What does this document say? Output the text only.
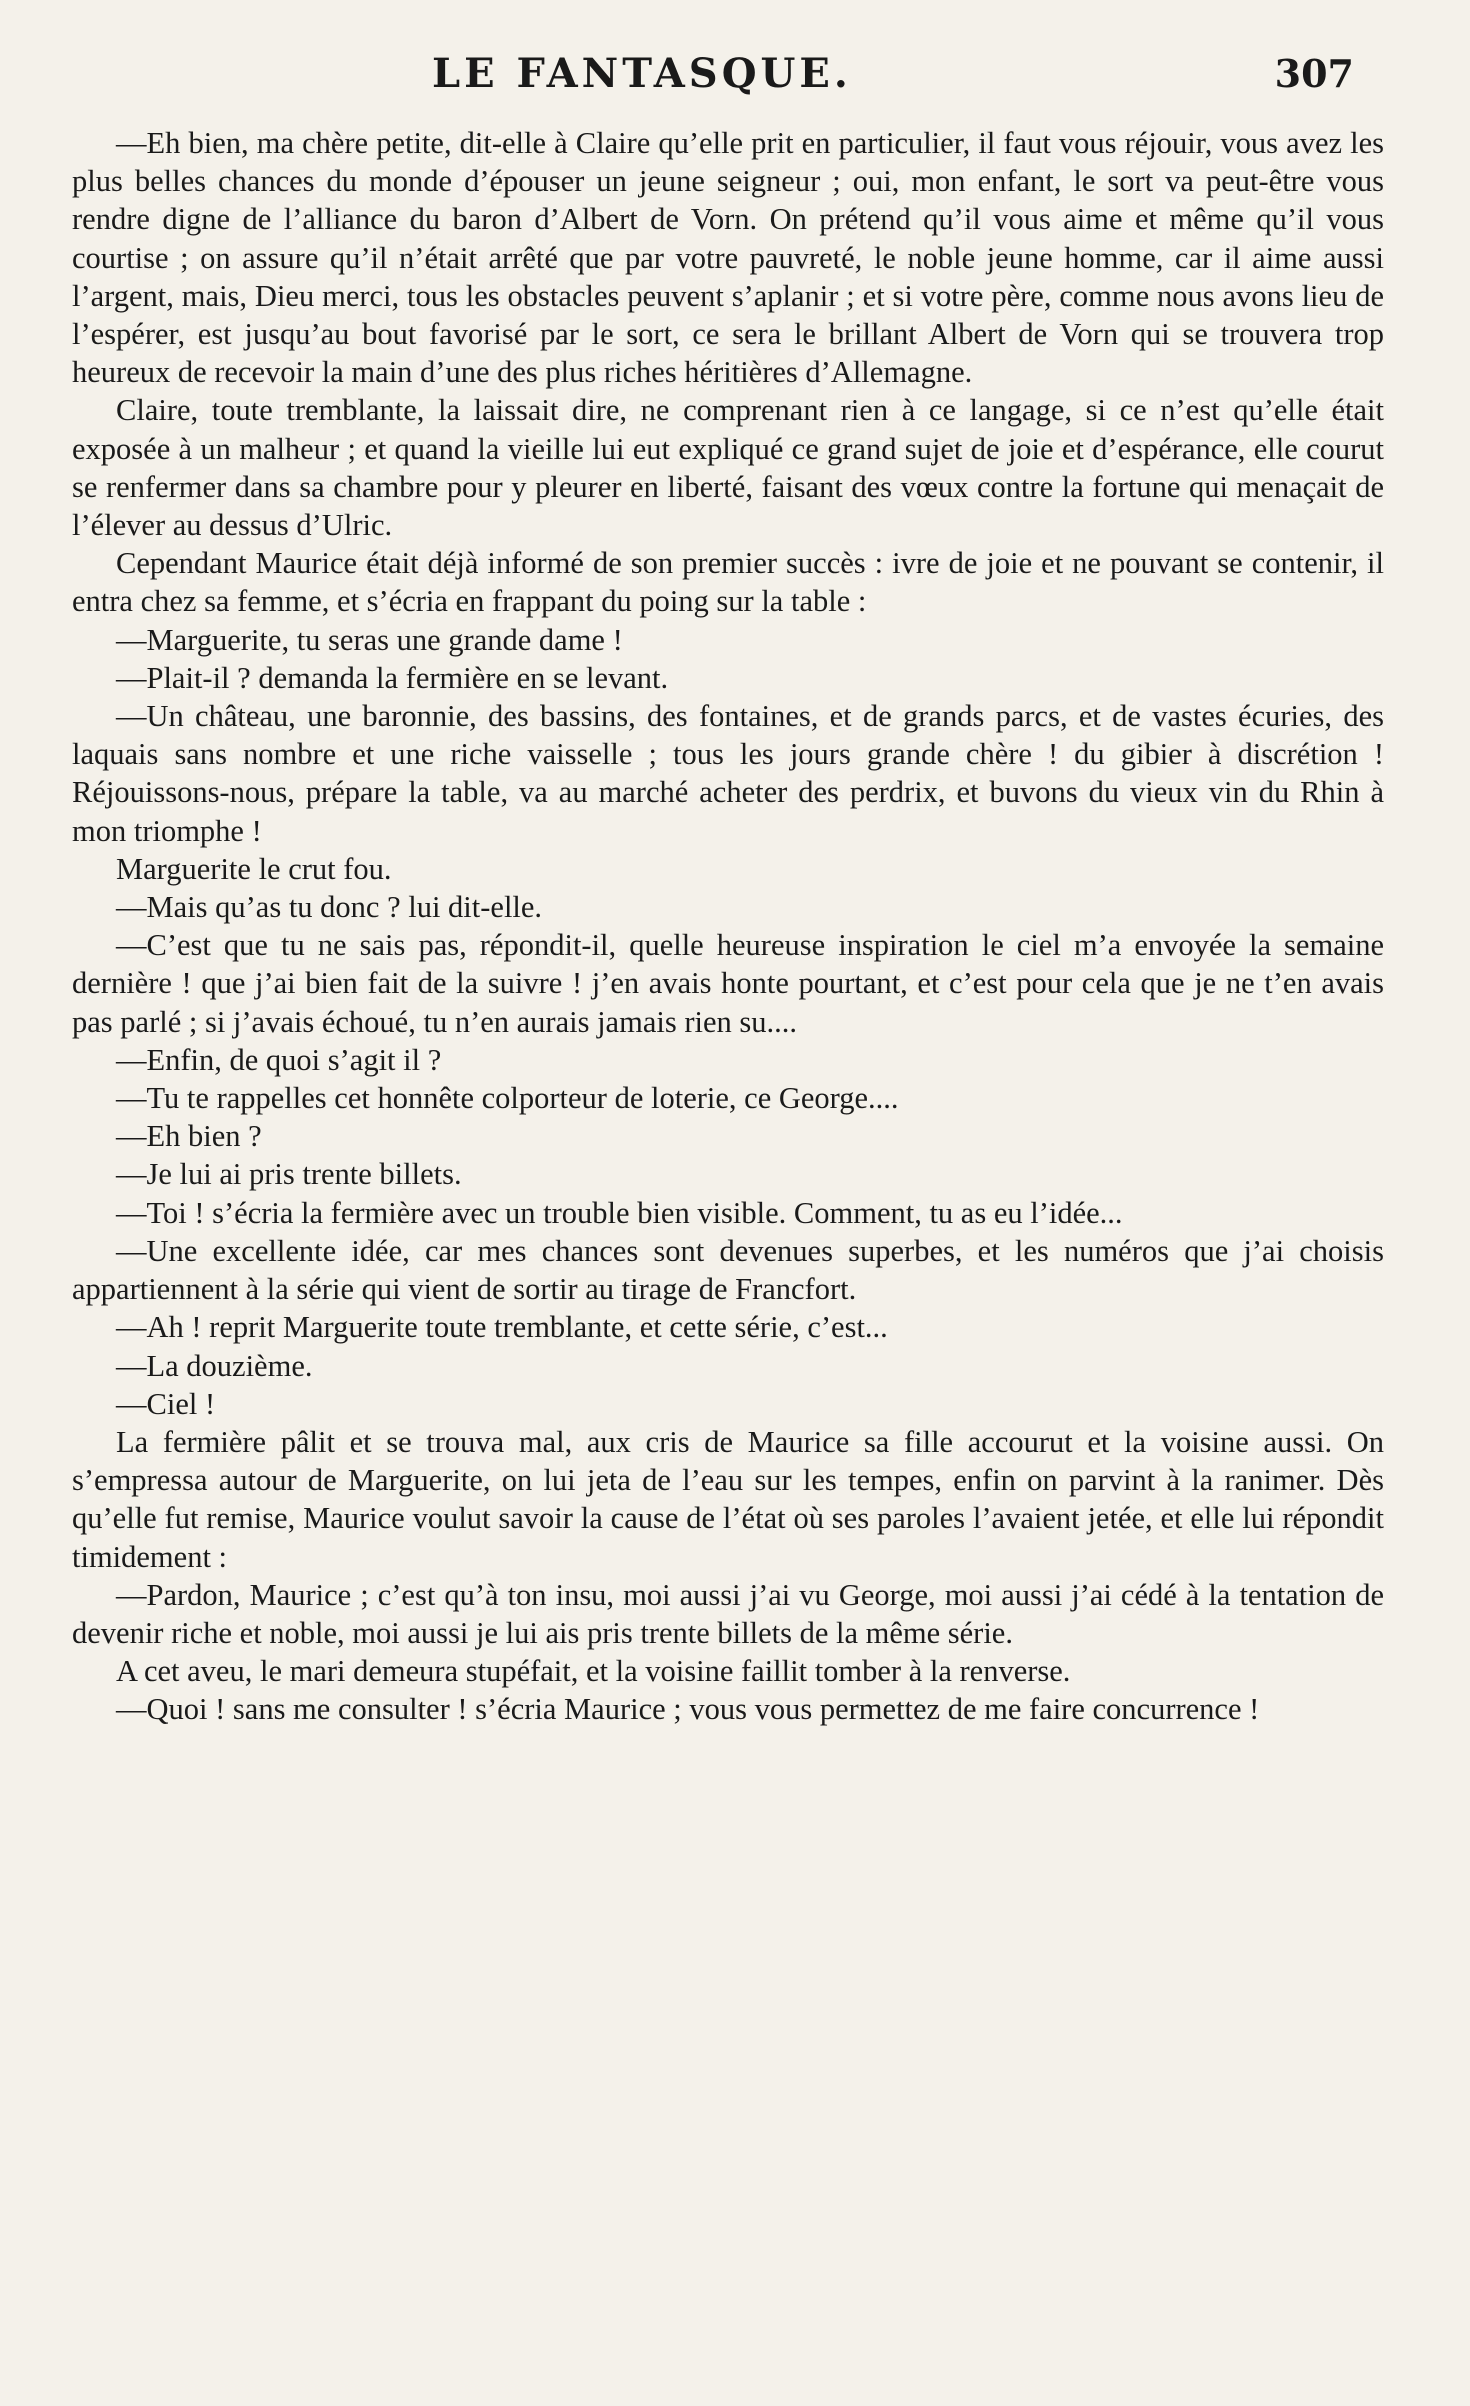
LE FANTASQUE.	307

—Eh bien, ma chère petite, dit-elle à Claire qu’elle prit en particulier, il faut vous réjouir, vous avez les plus belles chances du monde d’épouser un jeune seigneur ; oui, mon enfant, le sort va peut-être vous rendre digne de l’alliance du baron d’Albert de Vorn. On prétend qu’il vous aime et même qu’il vous courtise ; on assure qu’il n’était arrêté que par votre pauvreté, le noble jeune homme, car il aime aussi l’argent, mais, Dieu merci, tous les obstacles peuvent s’aplanir ; et si votre père, comme nous avons lieu de l’espérer, est jusqu’au bout favorisé par le sort, ce sera le brillant Albert de Vorn qui se trouvera trop heureux de recevoir la main d’une des plus riches héritières d’Allemagne.

Claire, toute tremblante, la laissait dire, ne comprenant rien à ce langage, si ce n’est qu’elle était exposée à un malheur ; et quand la vieille lui eut expliqué ce grand sujet de joie et d’espérance, elle courut se renfermer dans sa chambre pour y pleurer en liberté, faisant des vœux contre la fortune qui menaçait de l’élever au dessus d’Ulric.

Cependant Maurice était déjà informé de son premier succès : ivre de joie et ne pouvant se contenir, il entra chez sa femme, et s’écria en frappant du poing sur la table :

—Marguerite, tu seras une grande dame !

—Plait-il ? demanda la fermière en se levant.

—Un château, une baronnie, des bassins, des fontaines, et de grands parcs, et de vastes écuries, des laquais sans nombre et une riche vaisselle ; tous les jours grande chère ! du gibier à discrétion ! Réjouissons-nous, prépare la table, va au marché acheter des perdrix, et buvons du vieux vin du Rhin à mon triomphe !

Marguerite le crut fou.

—Mais qu’as tu donc ? lui dit-elle.

—C’est que tu ne sais pas, répondit-il, quelle heureuse inspiration le ciel m’a envoyée la semaine dernière ! que j’ai bien fait de la suivre ! j’en avais honte pourtant, et c’est pour cela que je ne t’en avais pas parlé ; si j’avais échoué, tu n’en aurais jamais rien su....

—Enfin, de quoi s’agit il ?

—Tu te rappelles cet honnête colporteur de loterie, ce George....

—Eh bien ?

—Je lui ai pris trente billets.

—Toi ! s’écria la fermière avec un trouble bien visible. Comment, tu as eu l’idée...

—Une excellente idée, car mes chances sont devenues superbes, et les numéros que j’ai choisis appartiennent à la série qui vient de sortir au tirage de Francfort.

—Ah ! reprit Marguerite toute tremblante, et cette série, c’est...

—La douzième.

—Ciel !

La fermière pâlit et se trouva mal, aux cris de Maurice sa fille accourut et la voisine aussi. On s’empressa autour de Marguerite, on lui jeta de l’eau sur les tempes, enfin on parvint à la ranimer. Dès qu’elle fut remise, Maurice voulut savoir la cause de l’état où ses paroles l’avaient jetée, et elle lui répondit timidement :

—Pardon, Maurice ; c’est qu’à ton insu, moi aussi j’ai vu George, moi aussi j’ai cédé à la tentation de devenir riche et noble, moi aussi je lui ais pris trente billets de la même série.

A cet aveu, le mari demeura stupéfait, et la voisine faillit tomber à la renverse.

—Quoi ! sans me consulter ! s’écria Maurice ; vous vous permettez de me faire concurrence !
